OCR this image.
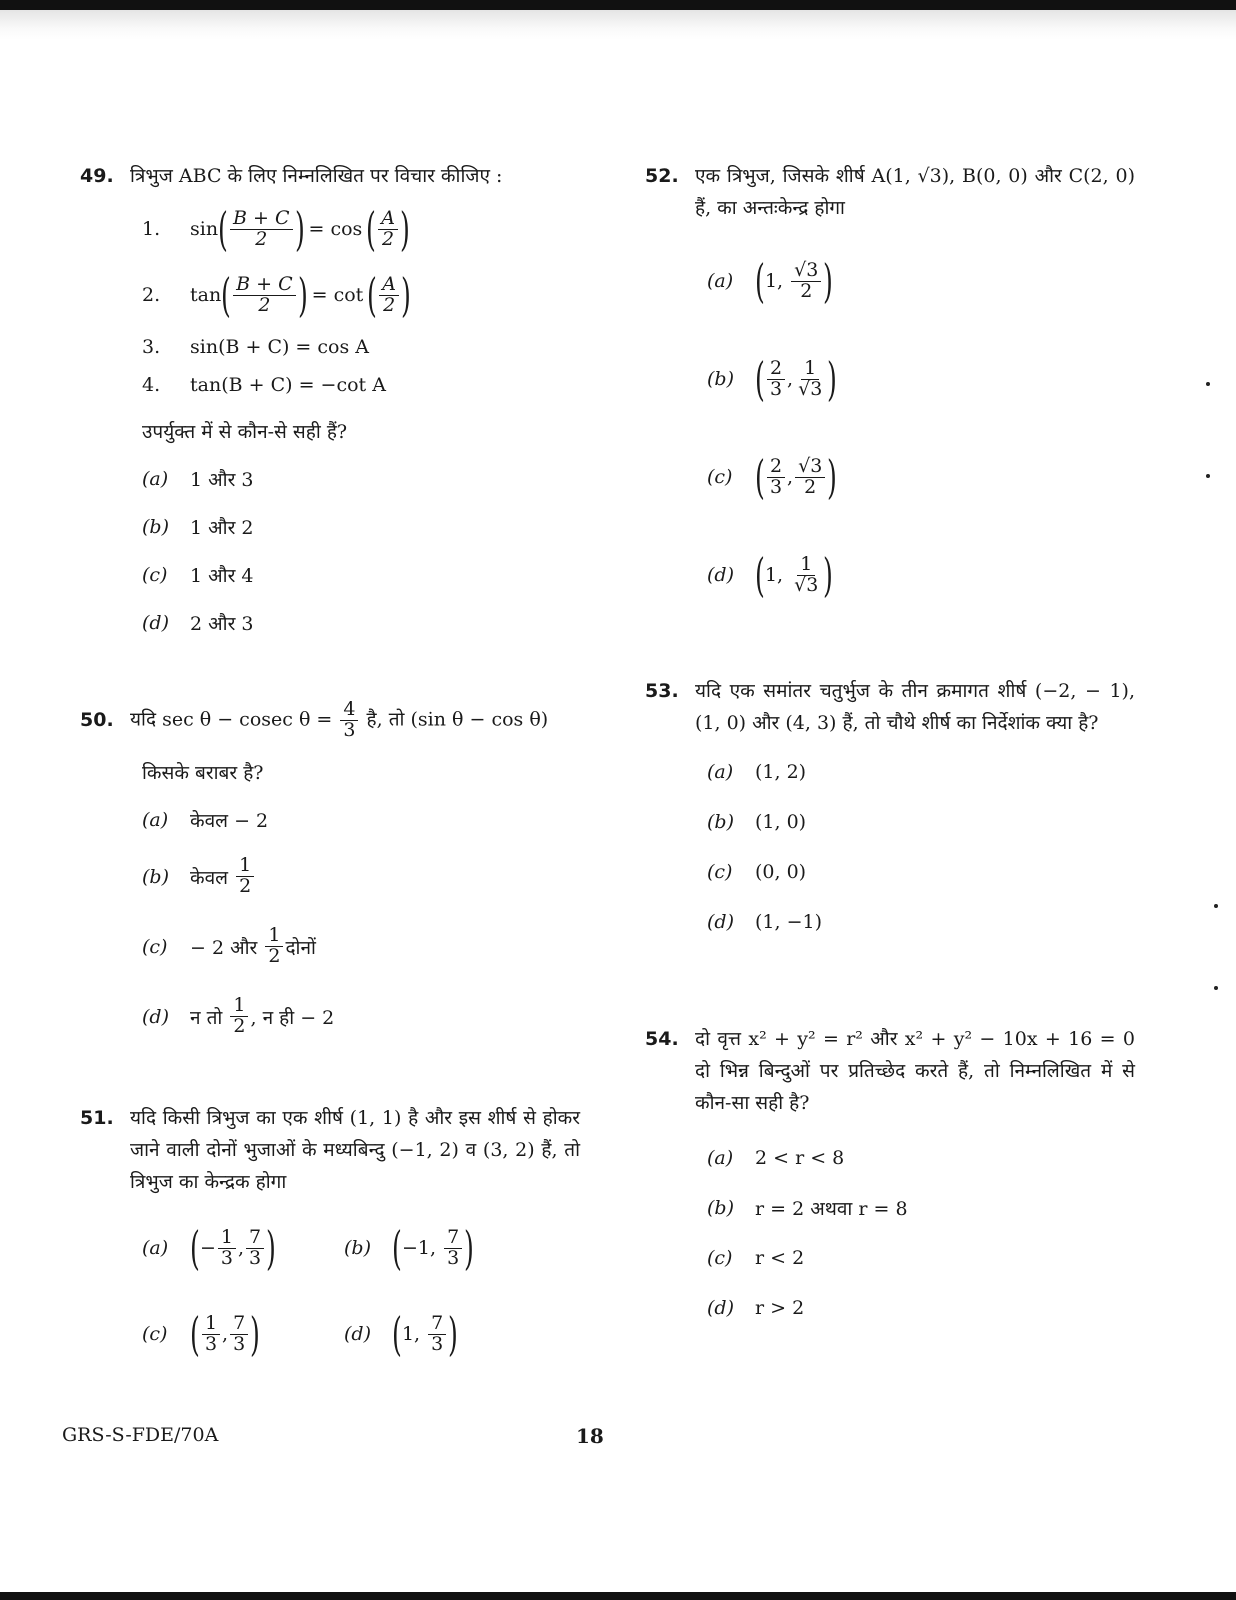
49. त्रिभुज ABC के लिए निम्नलिखित पर विचार कीजिए :
1.	sin ( $\frac{B + C}{2}$ ) = cos ( $\frac{A}{2}$ )
2.	tan ( $\frac{B + C}{2}$ ) = cot ( $\frac{A}{2}$ )
3.	sin(B + C) = cos A
4.	tan(B + C) = −cot A
उपर्युक्त में से कौन-से सही हैं?
(a)	1 और 3
(b)	1 और 2
(c)	1 और 4
(d)	2 और 3
50. यदि sec θ − cosec $\theta = \frac{4}{3}$ है, तो (sin θ − cos θ)
किसके बराबर है?
(a)	केवल − 2
(b)	केवल
$\frac{1}{2}$
(c)	− 2 और
$\frac{1}{2}$ दोनों
(d)	न तो
$\frac{1}{2}$ , न ही − 2
51. यदि किसी त्रिभुज का एक शीर्ष (1, 1) है और इस शीर्ष से होकर जाने वाली दोनों भुजाओं के मध्यबिन्दु (−1, 2) व (3, 2) हैं, तो त्रिभुज का केन्द्रक होगा
(a) ( − $\frac{1}{3}$ , $\frac{7}{3}$ )	(b) ( −1,
$\frac{7}{3}$ )
(c) ( $\frac{1}{3}$ , $\frac{7}{3}$ )	(d) ( 1,
$\frac{7}{3}$ )
52. एक त्रिभुज, जिसके शीर्ष A(1, √3), B(0, 0) और C(2, 0) हैं, का अन्तःकेन्द्र होगा
(a) ( 1,
$\frac{√3}{2}$ )
(b) ( $\frac{2}{3}$ , $\frac{1}{√3}$ )
(c) ( $\frac{2}{3}$ , $\frac{√3}{2}$ )
(d) ( 1,
$\frac{1}{√3}$ )
53. यदि एक समांतर चतुर्भुज के तीन क्रमागत शीर्ष (−2, − 1), (1, 0) और (4, 3) हैं, तो चौथे शीर्ष का निर्देशांक क्या है?
(a)	(1, 2)
(b)	(1, 0)
(c)	(0, 0)
(d)	(1, −1)
54. दो वृत्त x² + y² = r² और x² + y² − 10x + 16 = 0 दो भिन्न बिन्दुओं पर प्रतिच्छेद करते हैं, तो निम्नलिखित में से कौन-सा सही है?
(a)	2 < r < 8
(b)	r = 2 अथवा r = 8
(c)	r < 2
(d)	r > 2
GRS-S-FDE/70A	18
